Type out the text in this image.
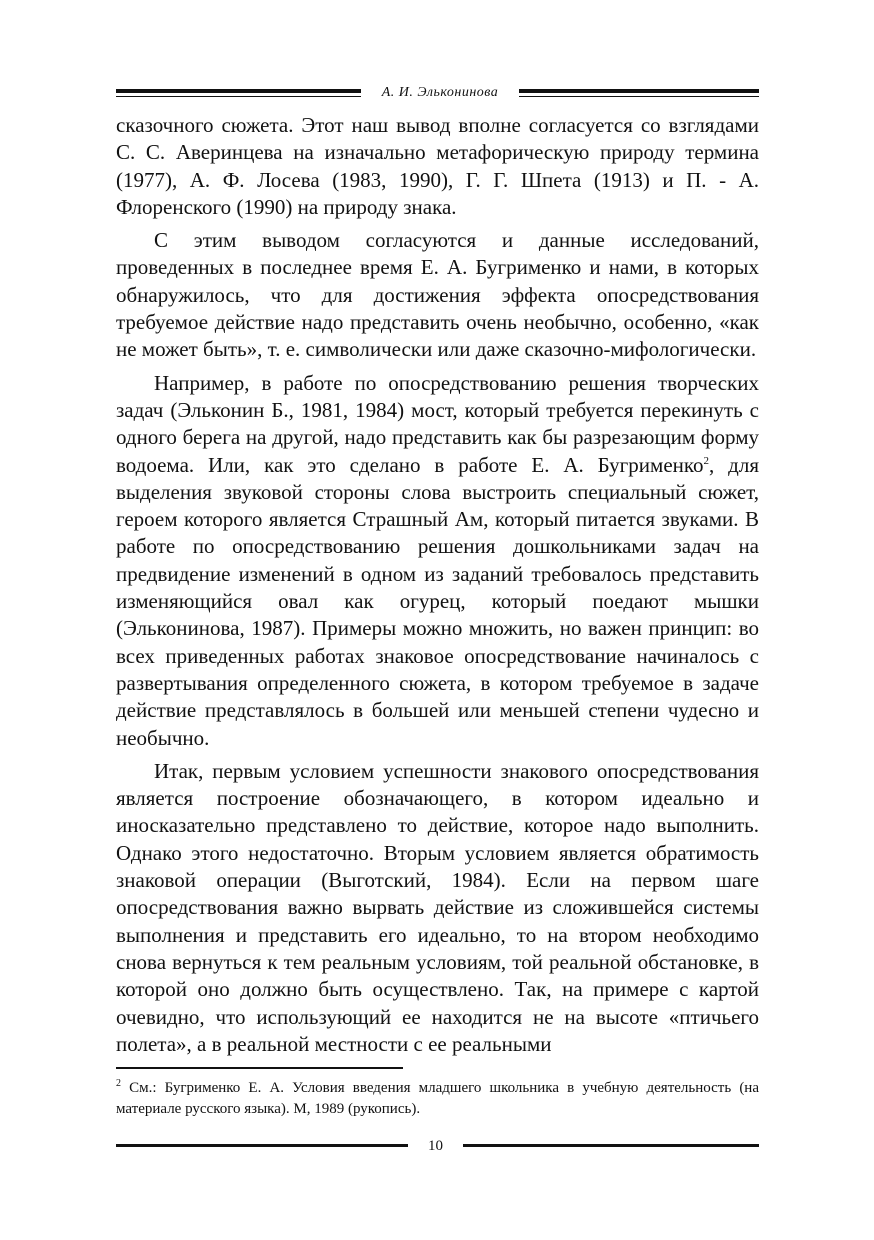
А. И. Эльконинова

сказочного сюжета. Этот наш вывод вполне согласуется со взглядами С. С. Аверинцева на изначально метафорическую природу термина (1977), А. Ф. Лосева (1983, 1990), Г. Г. Шпета (1913) и П. - А. Флоренского (1990) на природу знака.

С этим выводом согласуются и данные исследований, проведенных в последнее время Е. А. Бугрименко и нами, в которых обнаружилось, что для достижения эффекта опосредствования требуемое действие надо представить очень необычно, особенно, «как не может быть», т. е. символически или даже сказочно-мифологически.

Например, в работе по опосредствованию решения творческих задач (Эльконин Б., 1981, 1984) мост, который требуется перекинуть с одного берега на другой, надо представить как бы разрезающим форму водоема. Или, как это сделано в работе Е. А. Бугрименко$^2$, для выделения звуковой стороны слова выстроить специальный сюжет, героем которого является Страшный Ам, который питается звуками. В работе по опосредствованию решения дошкольниками задач на предвидение изменений в одном из заданий требовалось представить изменяющийся овал как огурец, который поедают мышки (Эльконинова, 1987). Примеры можно множить, но важен принцип: во всех приведенных работах знаковое опосредствование начиналось с развертывания определенного сюжета, в котором требуемое в задаче действие представлялось в большей или меньшей степени чудесно и необычно.

Итак, первым условием успешности знакового опосредствования является построение обозначающего, в котором идеально и иносказательно представлено то действие, которое надо выполнить. Однако этого недостаточно. Вторым условием является обратимость знаковой операции (Выготский, 1984). Если на первом шаге опосредствования важно вырвать действие из сложившейся системы выполнения и представить его идеально, то на втором необходимо снова вернуться к тем реальным условиям, той реальной обстановке, в которой оно должно быть осуществлено. Так, на примере с картой очевидно, что использующий ее находится не на высоте «птичьего полета», а в реальной местности с ее реальными

$^2$ См.: Бугрименко Е. А. Условия введения младшего школьника в учебную деятельность (на материале русского языка). М, 1989 (рукопись).
10
